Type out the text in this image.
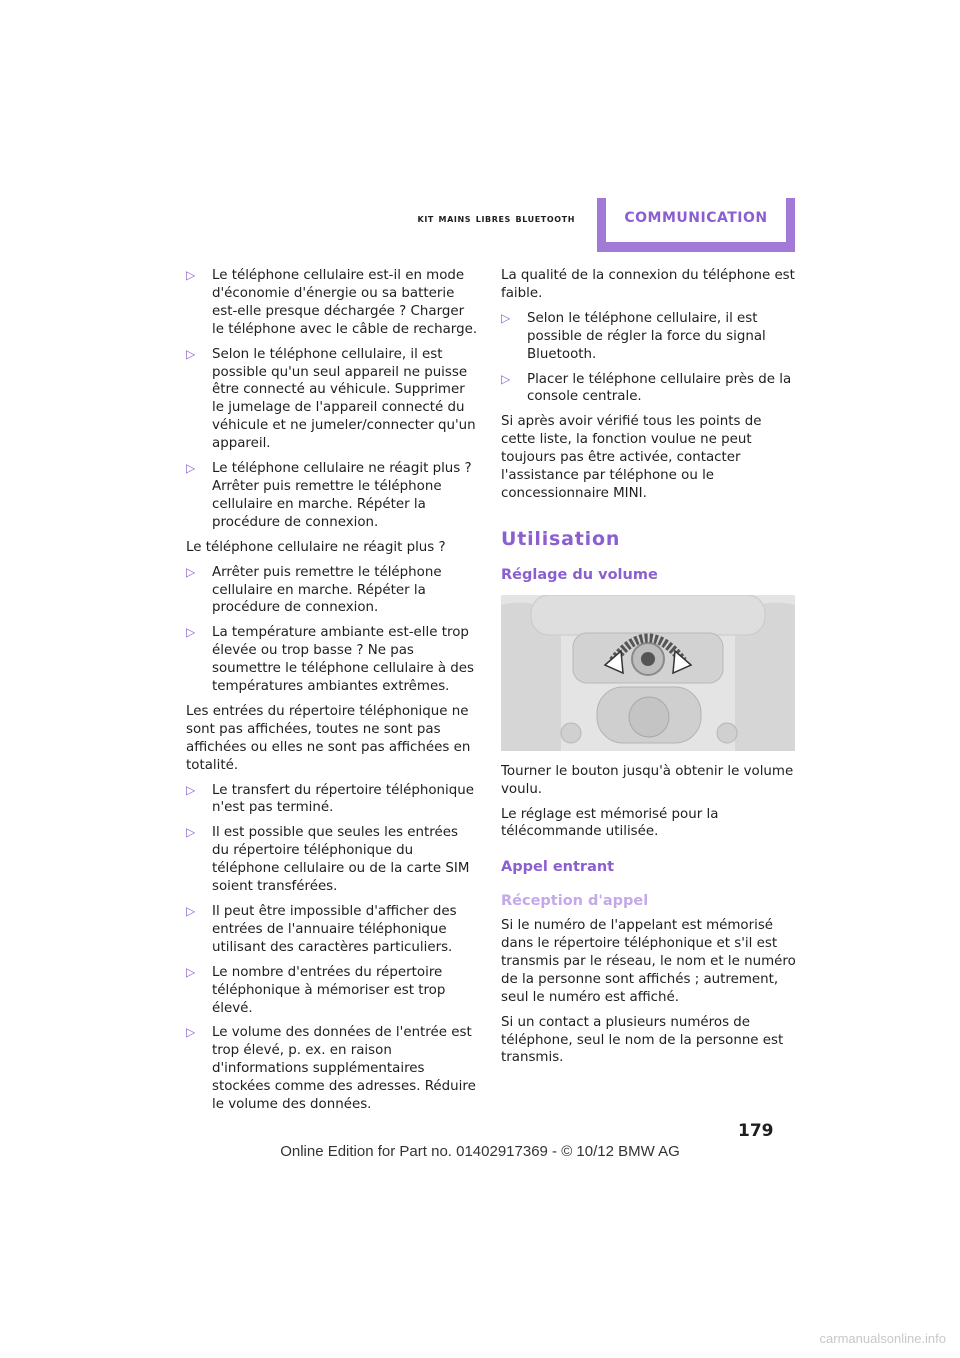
kit mains libres bluetooth	COMMUNICATION
▷ Le téléphone cellulaire est-il en mode d'économie d'énergie ou sa batterie est-elle presque déchargée ? Charger le téléphone avec le câble de recharge.
▷ Selon le téléphone cellulaire, il est possible qu'un seul appareil ne puisse être connecté au véhicule. Supprimer le jumelage de l'appareil connecté du véhicule et ne jumeler/connecter qu'un appareil.
▷ Le téléphone cellulaire ne réagit plus ? Arrêter puis remettre le téléphone cellulaire en marche. Répéter la procédure de connexion.

Le téléphone cellulaire ne réagit plus ?

▷ Arrêter puis remettre le téléphone cellulaire en marche. Répéter la procédure de connexion.
▷ La température ambiante est-elle trop élevée ou trop basse ? Ne pas soumettre le téléphone cellulaire à des températures ambiantes extrêmes.

Les entrées du répertoire téléphonique ne sont pas affichées, toutes ne sont pas affichées ou elles ne sont pas affichées en totalité.

▷ Le transfert du répertoire téléphonique n'est pas terminé.
▷ Il est possible que seules les entrées du répertoire téléphonique du téléphone cellulaire ou de la carte SIM soient transférées.
▷ Il peut être impossible d'afficher des entrées de l'annuaire téléphonique utilisant des caractères particuliers.
▷ Le nombre d'entrées du répertoire téléphonique à mémoriser est trop élevé.
▷ Le volume des données de l'entrée est trop élevé, p. ex. en raison d'informations supplémentaires stockées comme des adresses. Réduire le volume des données.

La qualité de la connexion du téléphone est faible.

▷ Selon le téléphone cellulaire, il est possible de régler la force du signal Bluetooth.
▷ Placer le téléphone cellulaire près de la console centrale.

Si après avoir vérifié tous les points de cette liste, la fonction voulue ne peut toujours pas être activée, contacter l'assistance par téléphone ou le concessionnaire MINI.

Utilisation
Réglage du volume

Tourner le bouton jusqu'à obtenir le volume voulu.

Le réglage est mémorisé pour la télécommande utilisée.

Appel entrant
Réception d'appel

Si le numéro de l'appelant est mémorisé dans le répertoire téléphonique et s'il est transmis par le réseau, le nom et le numéro de la personne sont affichés ; autrement, seul le numéro est affiché.

Si un contact a plusieurs numéros de téléphone, seul le nom de la personne est transmis.

179
Online Edition for Part no. 01402917369 - © 10/12 BMW AG
carmanualsonline.info
